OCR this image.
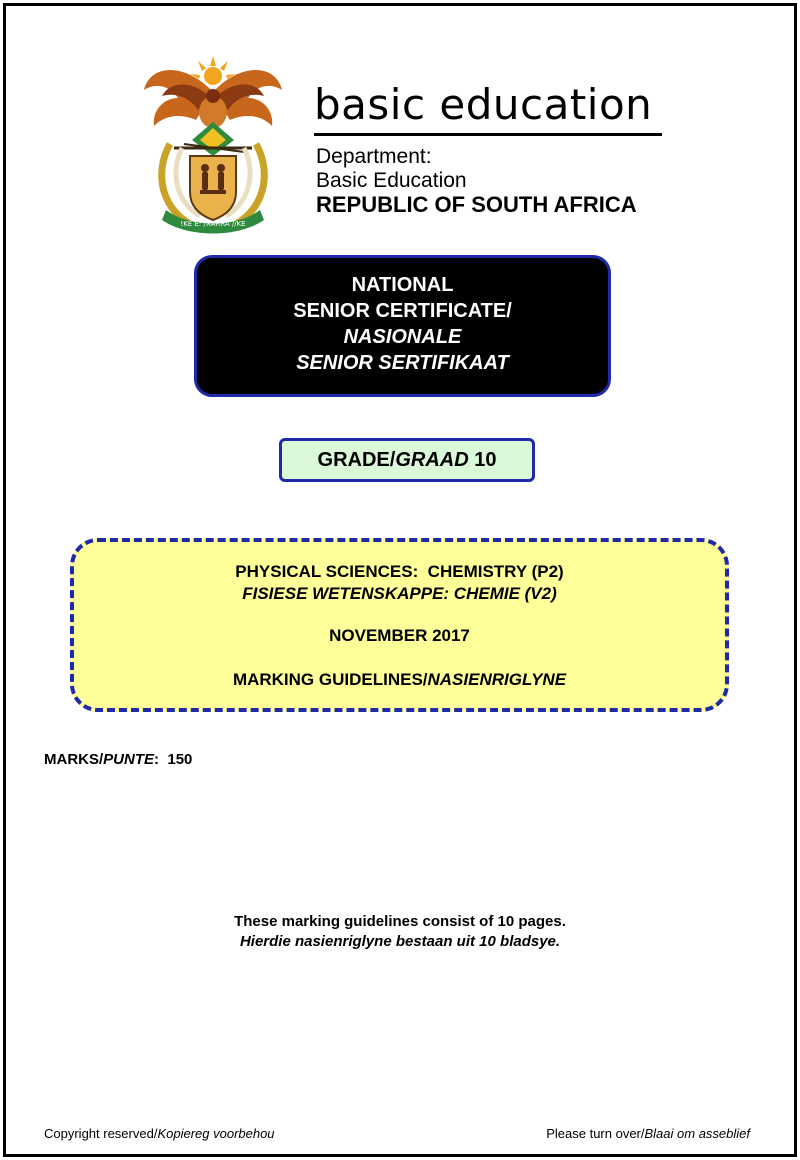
!KE E: /XARRA //KE
basic education
Department:
Basic Education
REPUBLIC OF SOUTH AFRICA
NATIONAL
SENIOR CERTIFICATE/
NASIONALE
SENIOR SERTIFIKAAT
GRADE/GRAAD 10
PHYSICAL SCIENCES:  CHEMISTRY (P2)
FISIESE WETENSKAPPE: CHEMIE (V2)
NOVEMBER 2017
MARKING GUIDELINES/NASIENRIGLYNE
MARKS/PUNTE:  150
These marking guidelines consist of 10 pages.
Hierdie nasienriglyne bestaan uit 10 bladsye.
Copyright reserved/Kopiereg voorbehou	Please turn over/Blaai om asseblief
